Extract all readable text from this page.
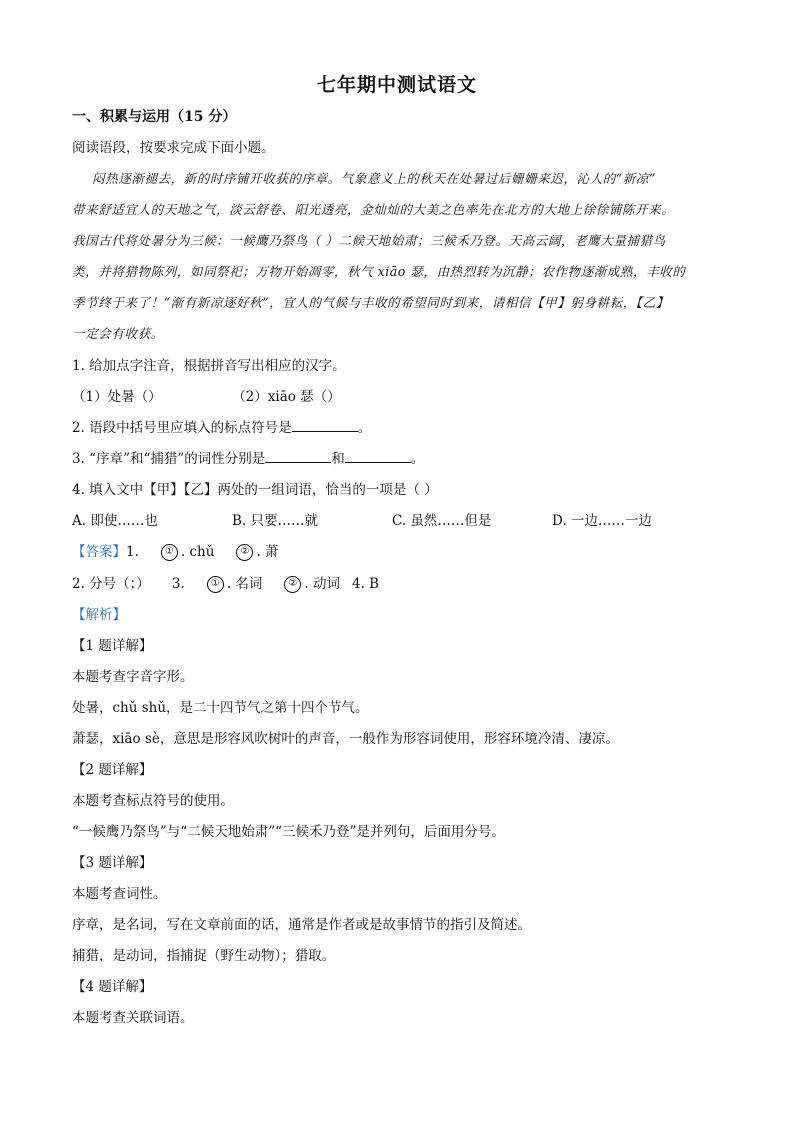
七年期中测试语文
一、积累与运用（15 分）
阅读语段，按要求完成下面小题。
闷热逐渐褪去，新的时序铺开收获的序章。气象意义上的秋天在处暑过后姗姗来迟，沁人的“新凉”
带来舒适宜人的天地之气，淡云舒卷、阳光透亮，金灿灿的大美之色率先在北方的大地上徐徐铺陈开来。
我国古代将处暑分为三候：一候鹰乃祭鸟（ ）二候天地始肃；三候禾乃登。天高云阔，老鹰大量捕猎鸟
类，并将猎物陈列，如同祭祀；万物开始凋零，秋气 xiāo 瑟，由热烈转为沉静；农作物逐渐成熟，丰收的
季节终于来了！“渐有新凉逐好秋”，宜人的气候与丰收的希望同时到来，请相信【甲】躬身耕耘，【乙】
一定会有收获。
1. 给加点字注音，根据拼音写出相应的汉字。
（1）处暑（）	（2）xiāo 瑟（）
2. 语段中括号里应填入的标点符号是	。
3. “序章”和“捕猎”的词性分别是	和	。
4. 填入文中【甲】【乙】两处的一组词语，恰当的一项是（ ）
A. 即使……也	B. 只要……就	C. 虽然……但是	D. 一边……一边
【答案】1.	① . chǔ	② . 萧
2. 分号（；） 3.	① . 名词	② . 动词 4. B
【解析】
【1 题详解】
本题考查字音字形。
处暑，chǔ shǔ，是二十四节气之第十四个节气。
萧瑟，xiāo sè，意思是形容风吹树叶的声音，一般作为形容词使用，形容环境冷清、凄凉。
【2 题详解】
本题考查标点符号的使用。
“一候鹰乃祭鸟”与“二候天地始肃”“三候禾乃登”是并列句，后面用分号。
【3 题详解】
本题考查词性。
序章，是名词，写在文章前面的话，通常是作者或是故事情节的指引及简述。
捕猎，是动词，指捕捉（野生动物）；猎取。
【4 题详解】
本题考查关联词语。
